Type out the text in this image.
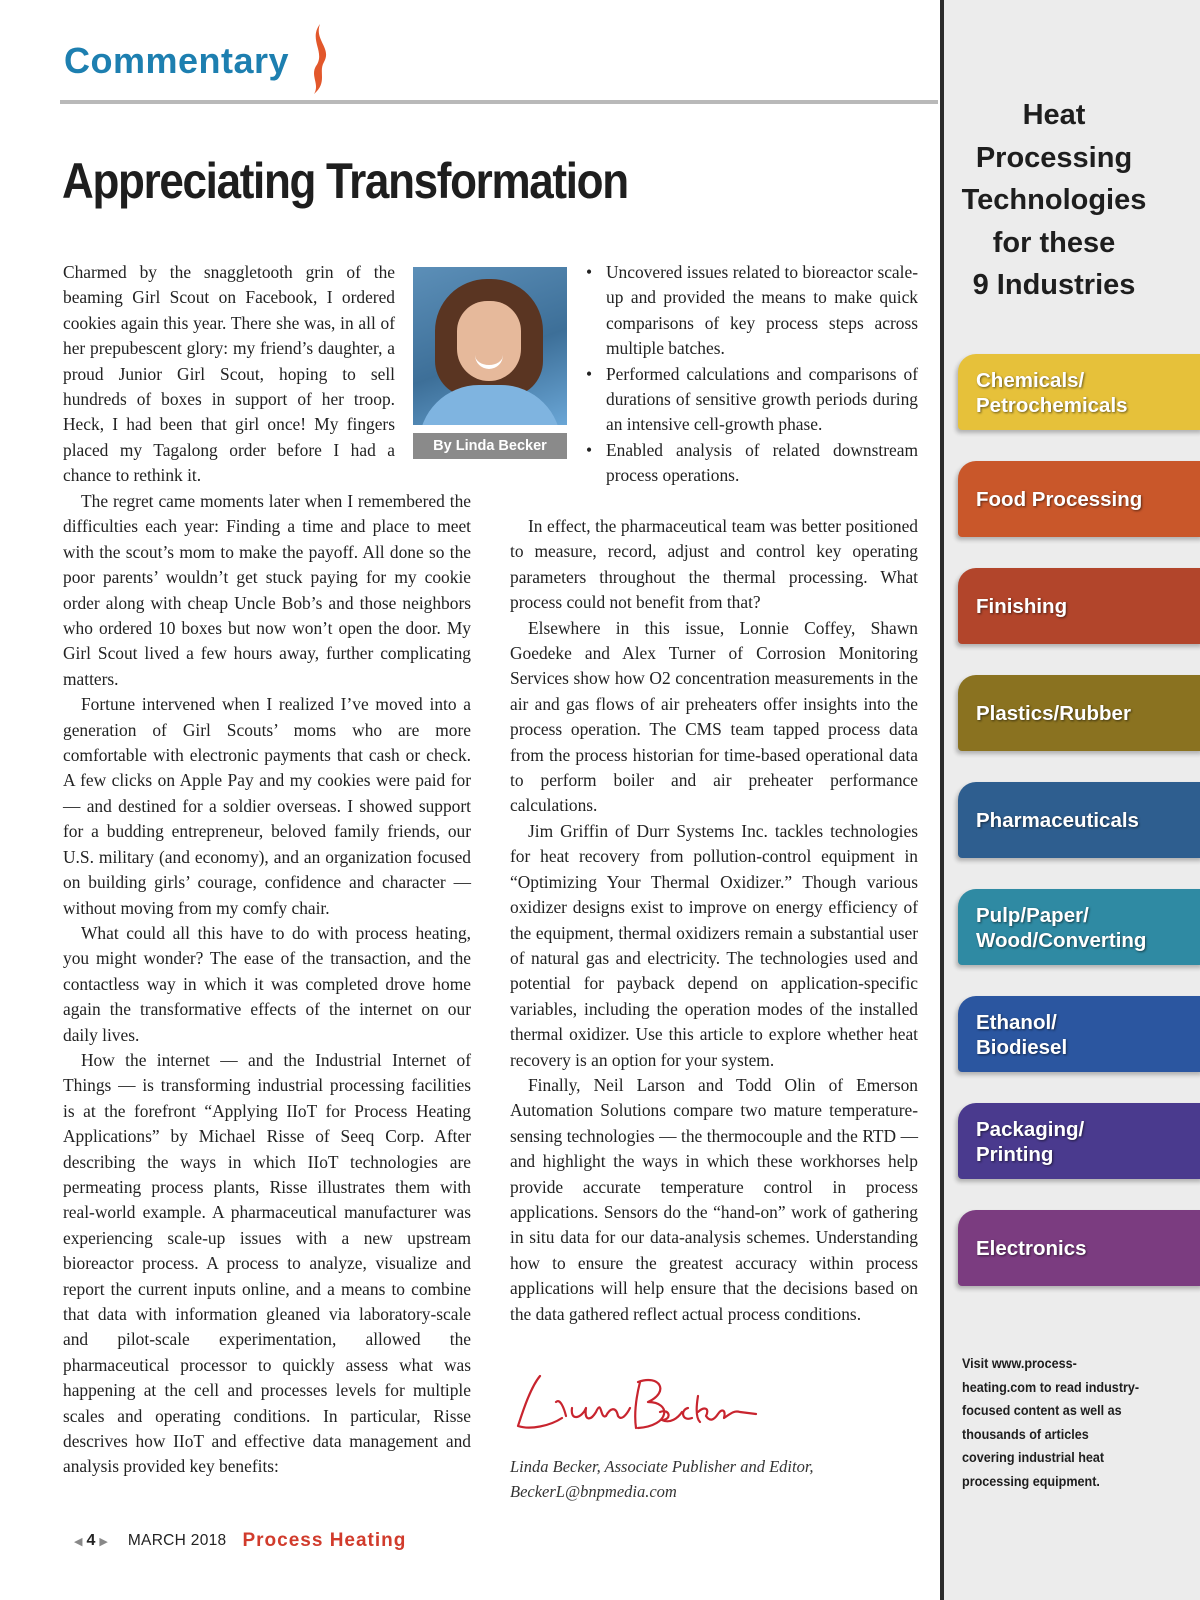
Commentary
Appreciating Transformation

Charmed by the snaggletooth grin of the beaming Girl Scout on Facebook, I ordered cookies again this year. There she was, in all of her prepubescent glory: my friend’s daughter, a proud Junior Girl Scout, hoping to sell hundreds of boxes in support of her troop. Heck, I had been that girl once! My fingers placed my Tagalong order before I had a chance to rethink it.

By Linda Becker

The regret came moments later when I remembered the difficulties each year: Finding a time and place to meet with the scout’s mom to make the payoff. All done so the poor parents’ wouldn’t get stuck paying for my cookie order along with cheap Uncle Bob’s and those neighbors who ordered 10 boxes but now won’t open the door. My Girl Scout lived a few hours away, further complicating matters.

Fortune intervened when I realized I’ve moved into a generation of Girl Scouts’ moms who are more comfortable with electronic payments that cash or check. A few clicks on Apple Pay and my cookies were paid for — and destined for a soldier overseas. I showed support for a budding entrepreneur, beloved family friends, our U.S. military (and economy), and an organization focused on building girls’ courage, confidence and character — without moving from my comfy chair.

What could all this have to do with process heating, you might wonder? The ease of the transaction, and the contactless way in which it was completed drove home again the transformative effects of the internet on our daily lives.

How the internet — and the Industrial Internet of Things — is transforming industrial processing facilities is at the forefront “Applying IIoT for Process Heating Applications” by Michael Risse of Seeq Corp. After describing the ways in which IIoT technologies are permeating process plants, Risse illustrates them with real-world example. A pharmaceutical manufacturer was experiencing scale-up issues with a new upstream bioreactor process. A process to analyze, visualize and report the current inputs online, and a means to combine that data with information gleaned via laboratory-scale and pilot-scale experimentation, allowed the pharmaceutical processor to quickly assess what was happening at the cell and processes levels for multiple scales and operating conditions. In particular, Risse descrives how IIoT and effective data management and analysis provided key benefits:

• Uncovered issues related to bioreactor scale-up and provided the means to make quick comparisons of key process steps across multiple batches.
• Performed calculations and comparisons of durations of sensitive growth periods during an intensive cell-growth phase.
• Enabled analysis of related downstream process operations.

In effect, the pharmaceutical team was better positioned to measure, record, adjust and control key operating parameters throughout the thermal processing. What process could not benefit from that?

Elsewhere in this issue, Lonnie Coffey, Shawn Goedeke and Alex Turner of Corrosion Monitoring Services show how O2 concentration measurements in the air and gas flows of air preheaters offer insights into the process operation. The CMS team tapped process data from the process historian for time-based operational data to perform boiler and air preheater performance calculations.

Jim Griffin of Durr Systems Inc. tackles technologies for heat recovery from pollution-control equipment in “Optimizing Your Thermal Oxidizer.” Though various oxidizer designs exist to improve on energy efficiency of the equipment, thermal oxidizers remain a substantial user of natural gas and electricity. The technologies used and potential for payback depend on application-specific variables, including the operation modes of the installed thermal oxidizer. Use this article to explore whether heat recovery is an option for your system.

Finally, Neil Larson and Todd Olin of Emerson Automation Solutions compare two mature temperature-sensing technologies — the thermocouple and the RTD — and highlight the ways in which these workhorses help provide accurate temperature control in process applications. Sensors do the “hand-on” work of gathering in situ data for our data-analysis schemes. Understanding how to ensure the greatest accuracy within process applications will help ensure that the decisions based on the data gathered reflect actual process conditions.

Linda Becker, Associate Publisher and Editor,
BeckerL@bnpmedia.com
◀ 4 ▶ MARCH 2018 Process Heating
Heat
Processing
Technologies
for these
9 Industries
Chemicals/
Petrochemicals
Food Processing
Finishing
Plastics/Rubber
Pharmaceuticals
Pulp/Paper/
Wood/Converting
Ethanol/
Biodiesel
Packaging/
Printing
Electronics
Visit www.process-heating.com to read industry-focused content as well as thousands of articles covering industrial heat processing equipment.
